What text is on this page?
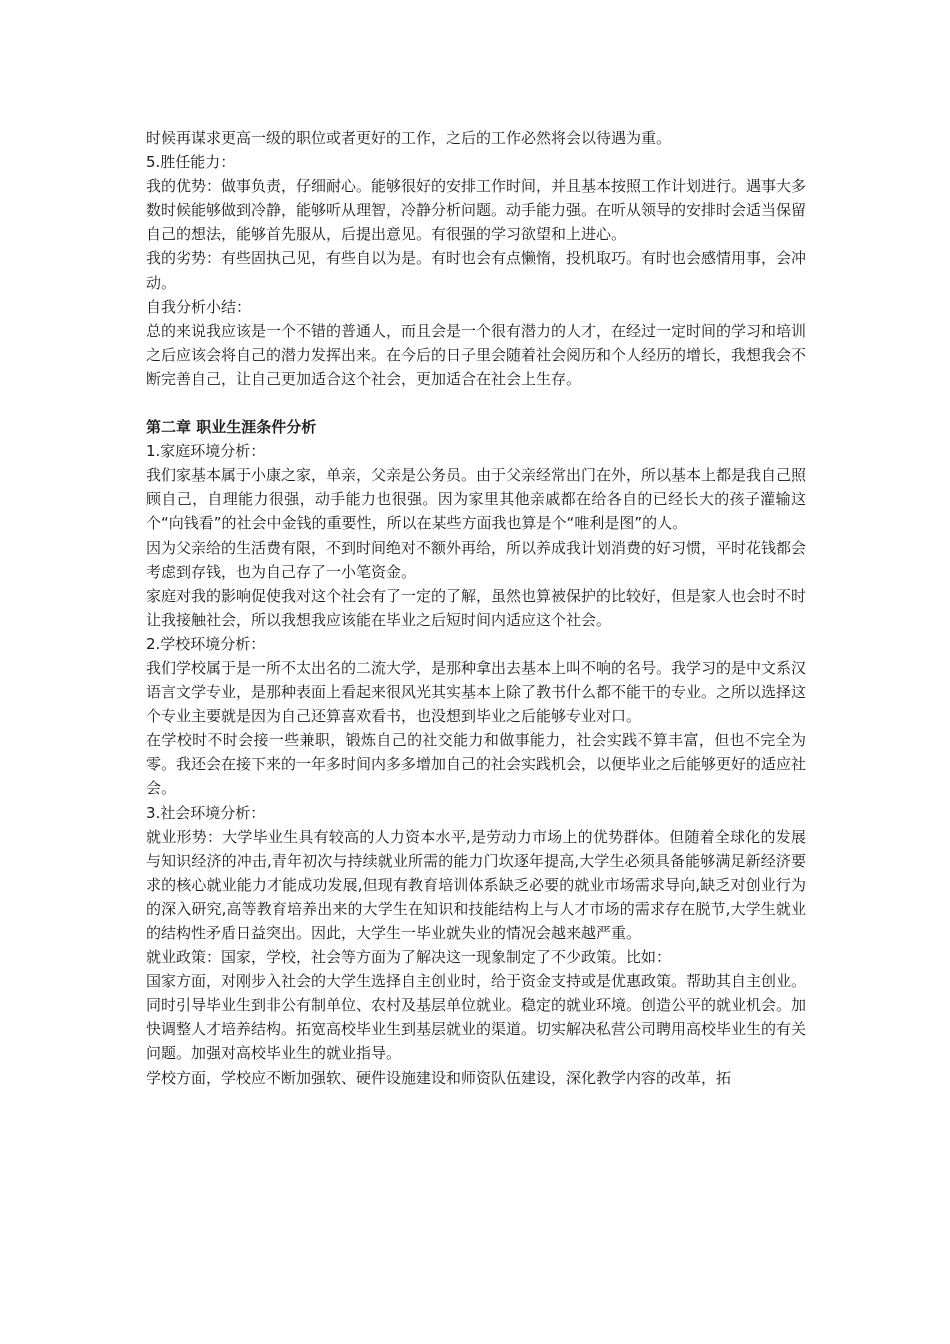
时候再谋求更高一级的职位或者更好的工作，之后的工作必然将会以待遇为重。

5.胜任能力：

我的优势：做事负责，仔细耐心。能够很好的安排工作时间，并且基本按照工作计划进行。遇事大多数时候能够做到冷静，能够听从理智，冷静分析问题。动手能力强。在听从领导的安排时会适当保留自己的想法，能够首先服从，后提出意见。有很强的学习欲望和上进心。

我的劣势：有些固执己见，有些自以为是。有时也会有点懒惰，投机取巧。有时也会感情用事，会冲动。

自我分析小结：

总的来说我应该是一个不错的普通人，而且会是一个很有潜力的人才，在经过一定时间的学习和培训之后应该会将自己的潜力发挥出来。在今后的日子里会随着社会阅历和个人经历的增长，我想我会不断完善自己，让自己更加适合这个社会，更加适合在社会上生存。

第二章 职业生涯条件分析

1.家庭环境分析：

我们家基本属于小康之家，单亲，父亲是公务员。由于父亲经常出门在外，所以基本上都是我自己照顾自己，自理能力很强，动手能力也很强。因为家里其他亲戚都在给各自的已经长大的孩子灌输这个“向钱看”的社会中金钱的重要性，所以在某些方面我也算是个“唯利是图”的人。

因为父亲给的生活费有限，不到时间绝对不额外再给，所以养成我计划消费的好习惯，平时花钱都会考虑到存钱，也为自己存了一小笔资金。

家庭对我的影响促使我对这个社会有了一定的了解，虽然也算被保护的比较好，但是家人也会时不时让我接触社会，所以我想我应该能在毕业之后短时间内适应这个社会。

2.学校环境分析：

我们学校属于是一所不太出名的二流大学，是那种拿出去基本上叫不响的名号。我学习的是中文系汉语言文学专业，是那种表面上看起来很风光其实基本上除了教书什么都不能干的专业。之所以选择这个专业主要就是因为自己还算喜欢看书，也没想到毕业之后能够专业对口。

在学校时不时会接一些兼职，锻炼自己的社交能力和做事能力，社会实践不算丰富，但也不完全为零。我还会在接下来的一年多时间内多多增加自己的社会实践机会，以便毕业之后能够更好的适应社会。

3.社会环境分析：

就业形势：大学毕业生具有较高的人力资本水平,是劳动力市场上的优势群体。但随着全球化的发展与知识经济的冲击,青年初次与持续就业所需的能力门坎逐年提高,大学生必须具备能够满足新经济要求的核心就业能力才能成功发展,但现有教育培训体系缺乏必要的就业市场需求导向,缺乏对创业行为的深入研究,高等教育培养出来的大学生在知识和技能结构上与人才市场的需求存在脱节,大学生就业的结构性矛盾日益突出。因此，大学生一毕业就失业的情况会越来越严重。

就业政策：国家，学校，社会等方面为了解决这一现象制定了不少政策。比如：

国家方面，对刚步入社会的大学生选择自主创业时，给于资金支持或是优惠政策。帮助其自主创业。同时引导毕业生到非公有制单位、农村及基层单位就业。稳定的就业环境。创造公平的就业机会。加快调整人才培养结构。拓宽高校毕业生到基层就业的渠道。切实解决私营公司聘用高校毕业生的有关问题。加强对高校毕业生的就业指导。

学校方面，学校应不断加强软、硬件设施建设和师资队伍建设，深化教学内容的改革，拓
